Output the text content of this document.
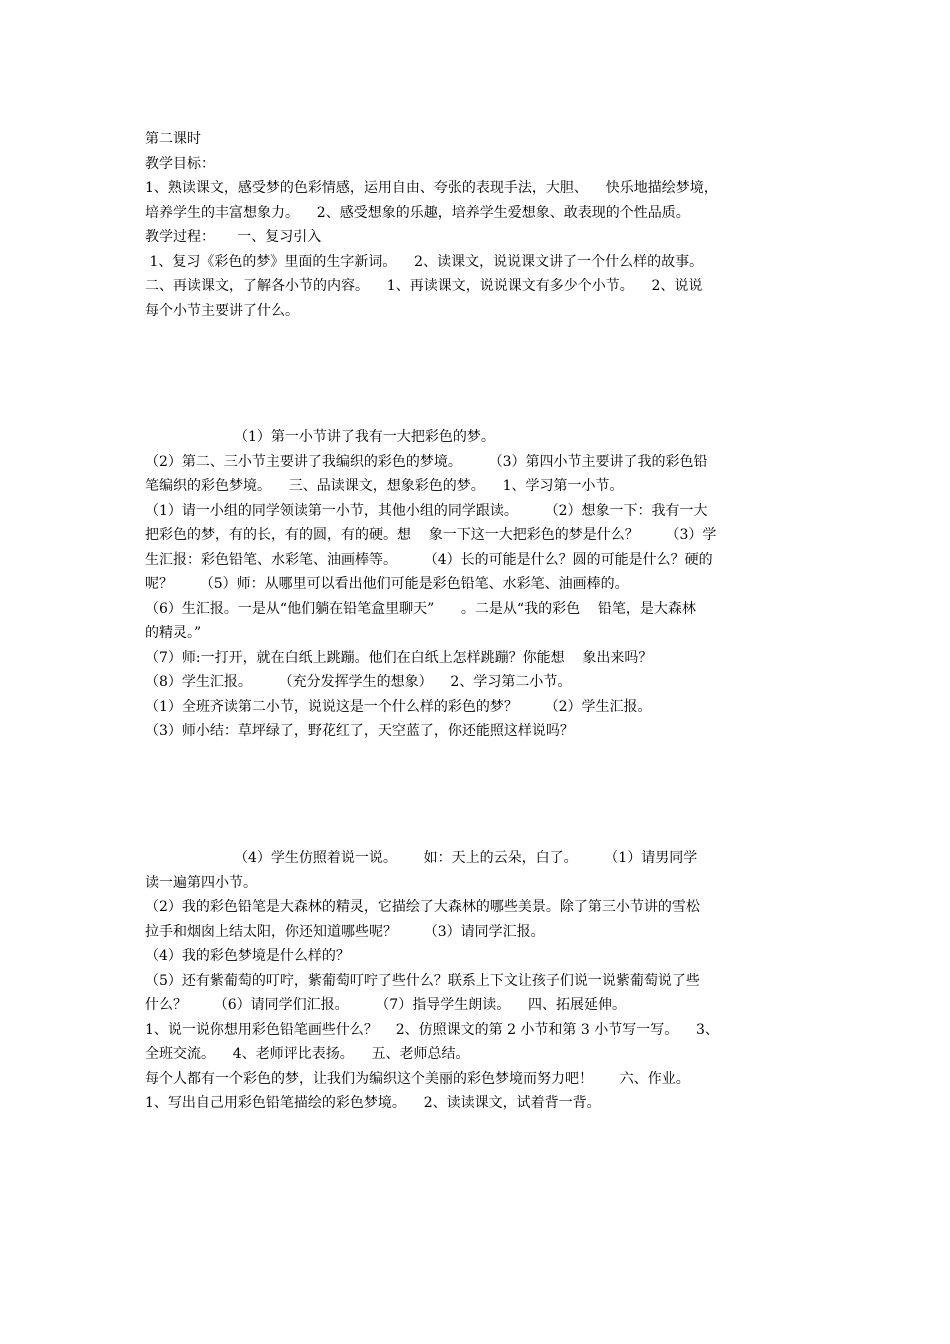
第二课时

教学目标：

1、熟读课文，感受梦的色彩情感，运用自由、夸张的表现手法，大胆、    快乐地描绘梦境，

培养学生的丰富想象力。    2、感受想象的乐趣，培养学生爱想象、敢表现的个性品质。

教学过程：     一、复习引入

1、复习《彩色的梦》里面的生字新词。    2、读课文，说说课文讲了一个什么样的故事。

二、再读课文，了解各小节的内容。    1、再读课文，说说课文有多少个小节。    2、说说

每个小节主要讲了什么。

（1）第一小节讲了我有一大把彩色的梦。

（2）第二、三小节主要讲了我编织的彩色的梦境。      （3）第四小节主要讲了我的彩色铅

笔编织的彩色梦境。    三、品读课文，想象彩色的梦。    1、学习第一小节。

（1）请一小组的同学领读第一小节，其他小组的同学跟读。      （2）想象一下：我有一大

把彩色的梦，有的长，有的圆，有的硬。想    象一下这一大把彩色的梦是什么？      （3）学

生汇报：彩色铅笔、水彩笔、油画棒等。      （4）长的可能是什么？圆的可能是什么？硬的

呢？      （5）师：从哪里可以看出他们可能是彩色铅笔、水彩笔、油画棒的。

（6）生汇报。一是从“他们躺在铅笔盒里聊天”      。二是从“我的彩色    铅笔，是大森林

的精灵。”

（7）师:一打开，就在白纸上跳蹦。他们在白纸上怎样跳蹦？你能想    象出来吗？

（8）学生汇报。      （充分发挥学生的想象）    2、学习第二小节。

（1）全班齐读第二小节，说说这是一个什么样的彩色的梦？      （2）学生汇报。

（3）师小结：草坪绿了，野花红了，天空蓝了，你还能照这样说吗？

（4）学生仿照着说一说。      如：天上的云朵，白了。      （1）请男同学

读一遍第四小节。

（2）我的彩色铅笔是大森林的精灵，它描绘了大森林的哪些美景。除了第三小节讲的雪松

拉手和烟囱上结太阳，你还知道哪些呢？      （3）请同学汇报。

（4）我的彩色梦境是什么样的？

（5）还有紫葡萄的叮咛，紫葡萄叮咛了些什么？联系上下文让孩子们说一说紫葡萄说了些

什么？      （6）请同学们汇报。      （7）指导学生朗读。    四、拓展延伸。

1、说一说你想用彩色铅笔画些什么？    2、仿照课文的第 2 小节和第 3 小节写一写。    3、

全班交流。    4、老师评比表扬。    五、老师总结。

每个人都有一个彩色的梦，让我们为编织这个美丽的彩色梦境而努力吧！      六、作业。

1、写出自己用彩色铅笔描绘的彩色梦境。    2、读读课文，试着背一背。
